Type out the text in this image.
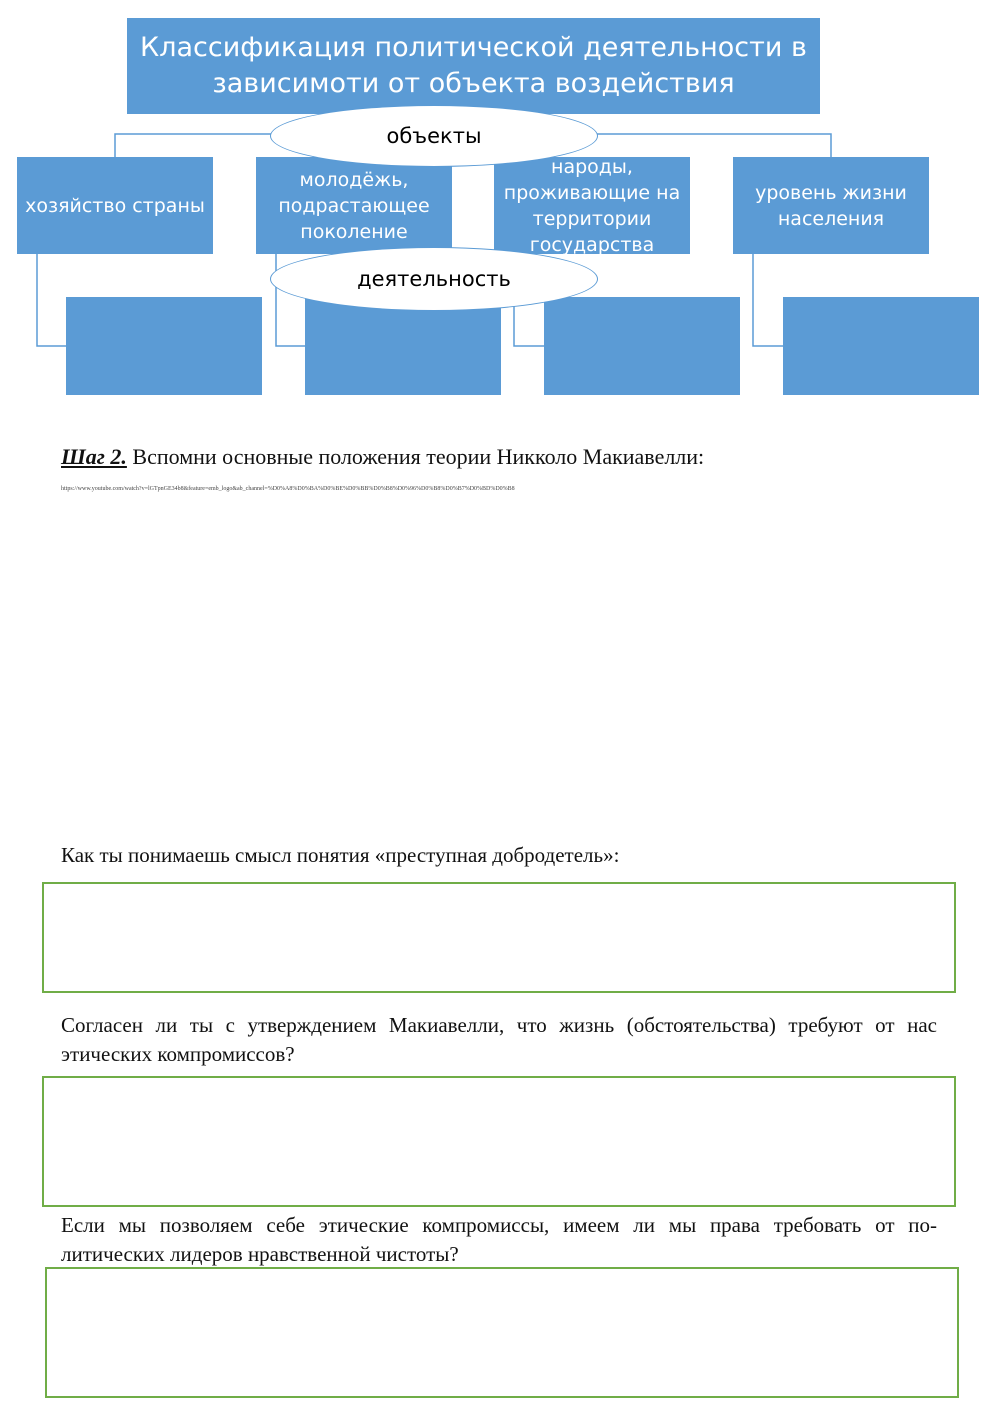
Классификация политической деятельности в зависимоти от объекта воздействия
хозяйство страны
молодёжь, подрастающее поколение
народы, проживающие на территории государства
уровень жизни населения
объекты
деятельность
Шаг 2. Вспомни основные положения теории Никколо Макиавелли:
https://www.youtube.com/watch?v=lGTpnGE34b8&feature=emb_logo&ab_channel=%D0%A8%D0%BA%D0%BE%D0%BB%D0%B8%D0%96%D0%B8%D0%B7%D0%BD%D0%B8
Как ты понимаешь смысл понятия «преступная добродетель»:
Согласен ли ты с утверждением Макиавелли, что жизнь (обстоятельства) требуют от нас этических компромиссов?
Если мы позволяем себе этические компромиссы, имеем ли мы права требовать от по-литических лидеров нравственной чистоты?
